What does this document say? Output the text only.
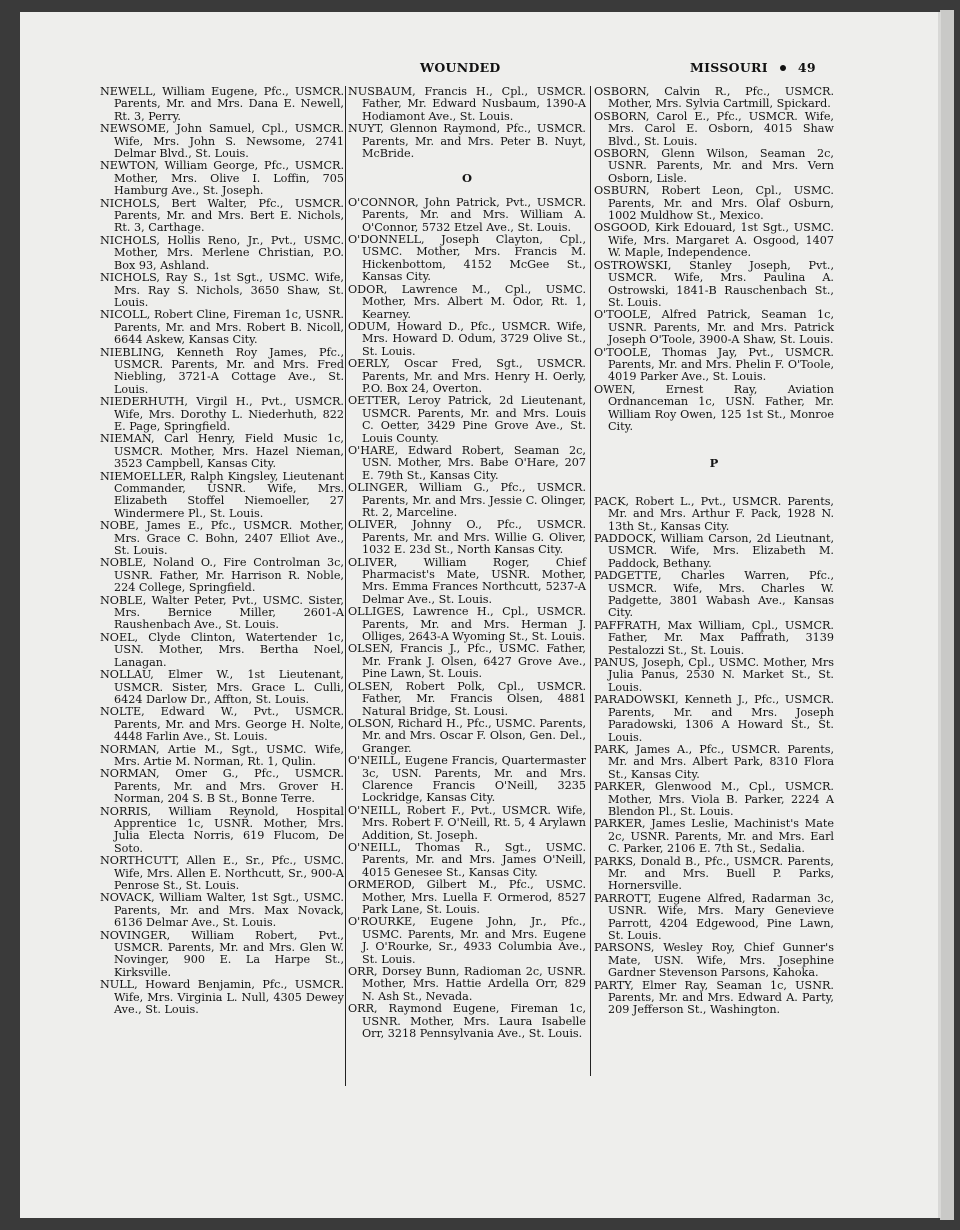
WOUNDED	MISSOURI 49

NEWELL, William Eugene, Pfc., USMCR. Parents, Mr. and Mrs. Dana E. Newell, Rt. 3, Perry.

NEWSOME, John Samuel, Cpl., USMCR. Wife, Mrs. John S. Newsome, 2741 Delmar Blvd., St. Louis.

NEWTON, William George, Pfc., USMCR. Mother, Mrs. Olive I. Loffin, 705 Hamburg Ave., St. Joseph.

NICHOLS, Bert Walter, Pfc., USMCR. Parents, Mr. and Mrs. Bert E. Nichols, Rt. 3, Carthage.

NICHOLS, Hollis Reno, Jr., Pvt., USMC. Mother, Mrs. Merlene Christian, P.O. Box 93, Ashland.

NICHOLS, Ray S., 1st Sgt., USMC. Wife, Mrs. Ray S. Nichols, 3650 Shaw, St. Louis.

NICOLL, Robert Cline, Fireman 1c, USNR. Parents, Mr. and Mrs. Robert B. Nicoll, 6644 Askew, Kansas City.

NIEBLING, Kenneth Roy James, Pfc., USMCR. Parents, Mr. and Mrs. Fred Niebling, 3721-A Cottage Ave., St. Louis.

NIEDERHUTH, Virgil H., Pvt., USMCR. Wife, Mrs. Dorothy L. Niederhuth, 822 E. Page, Springfield.

NIEMAN, Carl Henry, Field Music 1c, USMCR. Mother, Mrs. Hazel Nieman, 3523 Campbell, Kansas City.

NIEMOELLER, Ralph Kingsley, Lieutenant Commander, USNR. Wife, Mrs. Elizabeth Stoffel Niemoeller, 27 Windermere Pl., St. Louis.

NOBE, James E., Pfc., USMCR. Mother, Mrs. Grace C. Bohn, 2407 Elliot Ave., St. Louis.

NOBLE, Noland O., Fire Controlman 3c, USNR. Father, Mr. Harrison R. Noble, 224 College, Springfield.

NOBLE, Walter Peter, Pvt., USMC. Sister, Mrs. Bernice Miller, 2601-A Raushenbach Ave., St. Louis.

NOEL, Clyde Clinton, Watertender 1c, USN. Mother, Mrs. Bertha Noel, Lanagan.

NOLLAU, Elmer W., 1st Lieutenant, USMCR. Sister, Mrs. Grace L. Culli, 6424 Darlow Dr., Affton, St. Louis.

NOLTE, Edward W., Pvt., USMCR. Parents, Mr. and Mrs. George H. Nolte, 4448 Farlin Ave., St. Louis.

NORMAN, Artie M., Sgt., USMC. Wife, Mrs. Artie M. Norman, Rt. 1, Qulin.

NORMAN, Omer G., Pfc., USMCR. Parents, Mr. and Mrs. Grover H. Norman, 204 S. B St., Bonne Terre.

NORRIS, William Reynold, Hospital Apprentice 1c, USNR. Mother, Mrs. Julia Electa Norris, 619 Flucom, De Soto.

NORTHCUTT, Allen E., Sr., Pfc., USMC. Wife, Mrs. Allen E. Northcutt, Sr., 900-A Penrose St., St. Louis.

NOVACK, William Walter, 1st Sgt., USMC. Parents, Mr. and Mrs. Max Novack, 6136 Delmar Ave., St. Louis.

NOVINGER, William Robert, Pvt., USMCR. Parents, Mr. and Mrs. Glen W. Novinger, 900 E. La Harpe St., Kirksville.

NULL, Howard Benjamin, Pfc., USMCR. Wife, Mrs. Virginia L. Null, 4305 Dewey Ave., St. Louis.

NUSBAUM, Francis H., Cpl., USMCR. Father, Mr. Edward Nusbaum, 1390-A Hodiamont Ave., St. Louis.

NUYT, Glennon Raymond, Pfc., USMCR. Parents, Mr. and Mrs. Peter B. Nuyt, McBride.

O

O'CONNOR, John Patrick, Pvt., USMCR. Parents, Mr. and Mrs. William A. O'Connor, 5732 Etzel Ave., St. Louis.

O'DONNELL, Joseph Clayton, Cpl., USMC. Mother, Mrs. Francis M. Hickenbottom, 4152 McGee St., Kansas City.

ODOR, Lawrence M., Cpl., USMC. Mother, Mrs. Albert M. Odor, Rt. 1, Kearney.

ODUM, Howard D., Pfc., USMCR. Wife, Mrs. Howard D. Odum, 3729 Olive St., St. Louis.

OERLY, Oscar Fred, Sgt., USMCR. Parents, Mr. and Mrs. Henry H. Oerly, P.O. Box 24, Overton.

OETTER, Leroy Patrick, 2d Lieutenant, USMCR. Parents, Mr. and Mrs. Louis C. Oetter, 3429 Pine Grove Ave., St. Louis County.

O'HARE, Edward Robert, Seaman 2c, USN. Mother, Mrs. Babe O'Hare, 207 E. 79th St., Kansas City.

OLINGER, William G., Pfc., USMCR. Parents, Mr. and Mrs. Jessie C. Olinger, Rt. 2, Marceline.

OLIVER, Johnny O., Pfc., USMCR. Parents, Mr. and Mrs. Willie G. Oliver, 1032 E. 23d St., North Kansas City.

OLIVER, William Roger, Chief Pharmacist's Mate, USNR. Mother, Mrs. Emma Frances Northcutt, 5237-A Delmar Ave., St. Louis.

OLLIGES, Lawrence H., Cpl., USMCR. Parents, Mr. and Mrs. Herman J. Olliges, 2643-A Wyoming St., St. Louis.

OLSEN, Francis J., Pfc., USMC. Father, Mr. Frank J. Olsen, 6427 Grove Ave., Pine Lawn, St. Louis.

OLSEN, Robert Polk, Cpl., USMCR. Father, Mr. Francis Olsen, 4881 Natural Bridge, St. Lousi.

OLSON, Richard H., Pfc., USMC. Parents, Mr. and Mrs. Oscar F. Olson, Gen. Del., Granger.

O'NEILL, Eugene Francis, Quartermaster 3c, USN. Parents, Mr. and Mrs. Clarence Francis O'Neill, 3235 Lockridge, Kansas City.

O'NEILL, Robert F., Pvt., USMCR. Wife, Mrs. Robert F. O'Neill, Rt. 5, 4 Arylawn Addition, St. Joseph.

O'NEILL, Thomas R., Sgt., USMC. Parents, Mr. and Mrs. James O'Neill, 4015 Genesee St., Kansas City.

ORMEROD, Gilbert M., Pfc., USMC. Mother, Mrs. Luella F. Ormerod, 8527 Park Lane, St. Louis.

O'ROURKE, Eugene John, Jr., Pfc., USMC. Parents, Mr. and Mrs. Eugene J. O'Rourke, Sr., 4933 Columbia Ave., St. Louis.

ORR, Dorsey Bunn, Radioman 2c, USNR. Mother, Mrs. Hattie Ardella Orr, 829 N. Ash St., Nevada.

ORR, Raymond Eugene, Fireman 1c, USNR. Mother, Mrs. Laura Isabelle Orr, 3218 Pennsylvania Ave., St. Louis.

OSBORN, Calvin R., Pfc., USMCR. Mother, Mrs. Sylvia Cartmill, Spickard.

OSBORN, Carol E., Pfc., USMCR. Wife, Mrs. Carol E. Osborn, 4015 Shaw Blvd., St. Louis.

OSBORN, Glenn Wilson, Seaman 2c, USNR. Parents, Mr. and Mrs. Vern Osborn, Lisle.

OSBURN, Robert Leon, Cpl., USMC. Parents, Mr. and Mrs. Olaf Osburn, 1002 Muldhow St., Mexico.

OSGOOD, Kirk Edouard, 1st Sgt., USMC. Wife, Mrs. Margaret A. Osgood, 1407 W. Maple, Independence.

OSTROWSKI, Stanley Joseph, Pvt., USMCR. Wife, Mrs. Paulina A. Ostrowski, 1841-B Rauschenbach St., St. Louis.

O'TOOLE, Alfred Patrick, Seaman 1c, USNR. Parents, Mr. and Mrs. Patrick Joseph O'Toole, 3900-A Shaw, St. Louis.

O'TOOLE, Thomas Jay, Pvt., USMCR. Parents, Mr. and Mrs. Phelin F. O'Toole, 4019 Parker Ave., St. Louis.

OWEN, Ernest Ray, Aviation Ordnanceman 1c, USN. Father, Mr. William Roy Owen, 125 1st St., Monroe City.

P

PACK, Robert L., Pvt., USMCR. Parents, Mr. and Mrs. Arthur F. Pack, 1928 N. 13th St., Kansas City.

PADDOCK, William Carson, 2d Lieutnant, USMCR. Wife, Mrs. Elizabeth M. Paddock, Bethany.

PADGETTE, Charles Warren, Pfc., USMCR. Wife, Mrs. Charles W. Padgette, 3801 Wabash Ave., Kansas City.

PAFFRATH, Max William, Cpl., USMCR. Father, Mr. Max Paffrath, 3139 Pestalozzi St., St. Louis.

PANUS, Joseph, Cpl., USMC. Mother, Mrs Julia Panus, 2530 N. Market St., St. Louis.

PARADOWSKI, Kenneth J., Pfc., USMCR. Parents, Mr. and Mrs. Joseph Paradowski, 1306 A Howard St., St. Louis.

PARK, James A., Pfc., USMCR. Parents, Mr. and Mrs. Albert Park, 8310 Flora St., Kansas City.

PARKER, Glenwood M., Cpl., USMCR. Mother, Mrs. Viola B. Parker, 2224 A Blendon Pl., St. Louis.

PARKER, James Leslie, Machinist's Mate 2c, USNR. Parents, Mr. and Mrs. Earl C. Parker, 2106 E. 7th St., Sedalia.

PARKS, Donald B., Pfc., USMCR. Parents, Mr. and Mrs. Buell P. Parks, Hornersville.

PARROTT, Eugene Alfred, Radarman 3c, USNR. Wife, Mrs. Mary Genevieve Parrott, 4204 Edgewood, Pine Lawn, St. Louis.

PARSONS, Wesley Roy, Chief Gunner's Mate, USN. Wife, Mrs. Josephine Gardner Stevenson Parsons, Kahoka.

PARTY, Elmer Ray, Seaman 1c, USNR. Parents, Mr. and Mrs. Edward A. Party, 209 Jefferson St., Washington.
